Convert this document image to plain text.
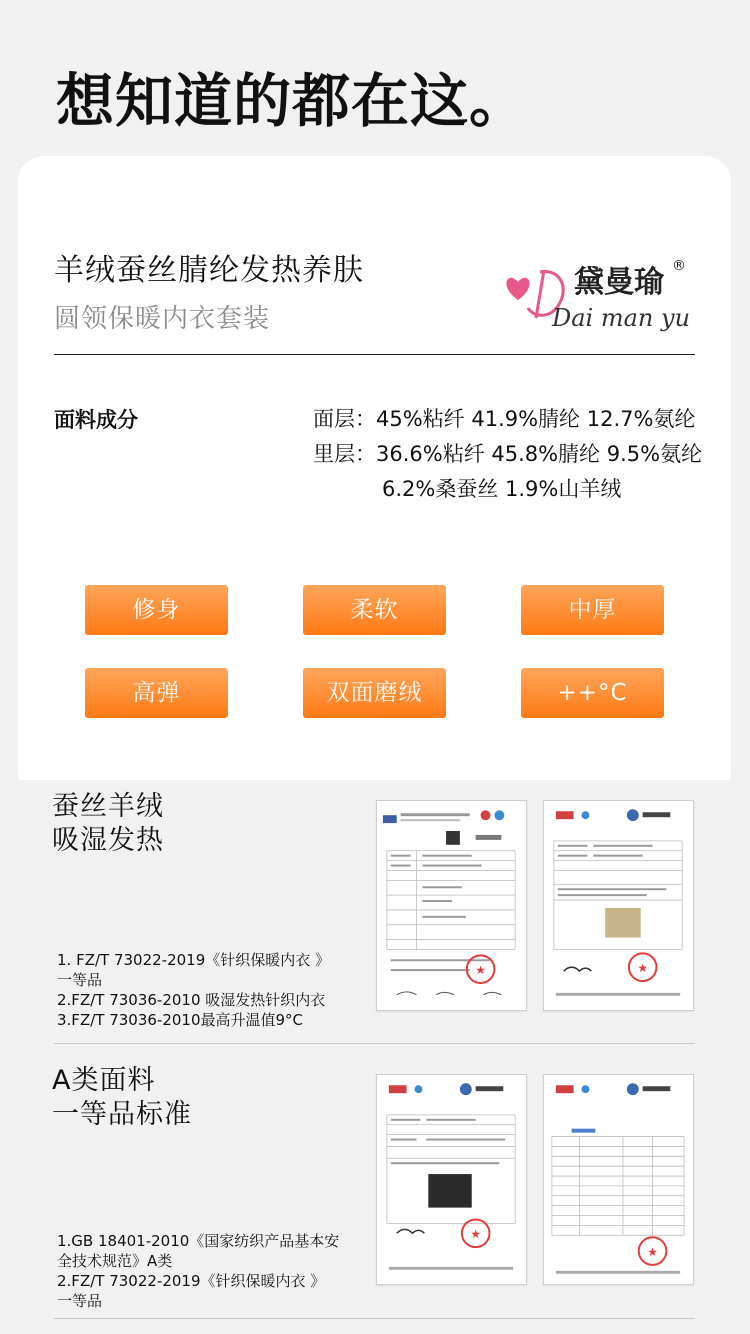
想知道的都在这。
羊绒蚕丝腈纶发热养肤
圆领保暖内衣套装
黛曼瑜 ®
Dai man yu
面料成分	面层：45%粘纤 41.9%腈纶 12.7%氨纶
里层：36.6%粘纤 45.8%腈纶 9.5%氨纶
6.2%桑蚕丝 1.9%山羊绒
修身	柔软	中厚
高弹	双面磨绒	++°C
蚕丝羊绒
吸湿发热
1. FZ/T 73022-2019《针织保暖内衣 》
一等品
2.FZ/T 73036-2010 吸湿发热针织内衣
3.FZ/T 73036-2010最高升温值9°C
★	★
A类面料
一等品标准
1.GB 18401-2010《国家纺织产品基本安
全技术规范》A类
2.FZ/T 73022-2019《针织保暖内衣 》
一等品
★
★
